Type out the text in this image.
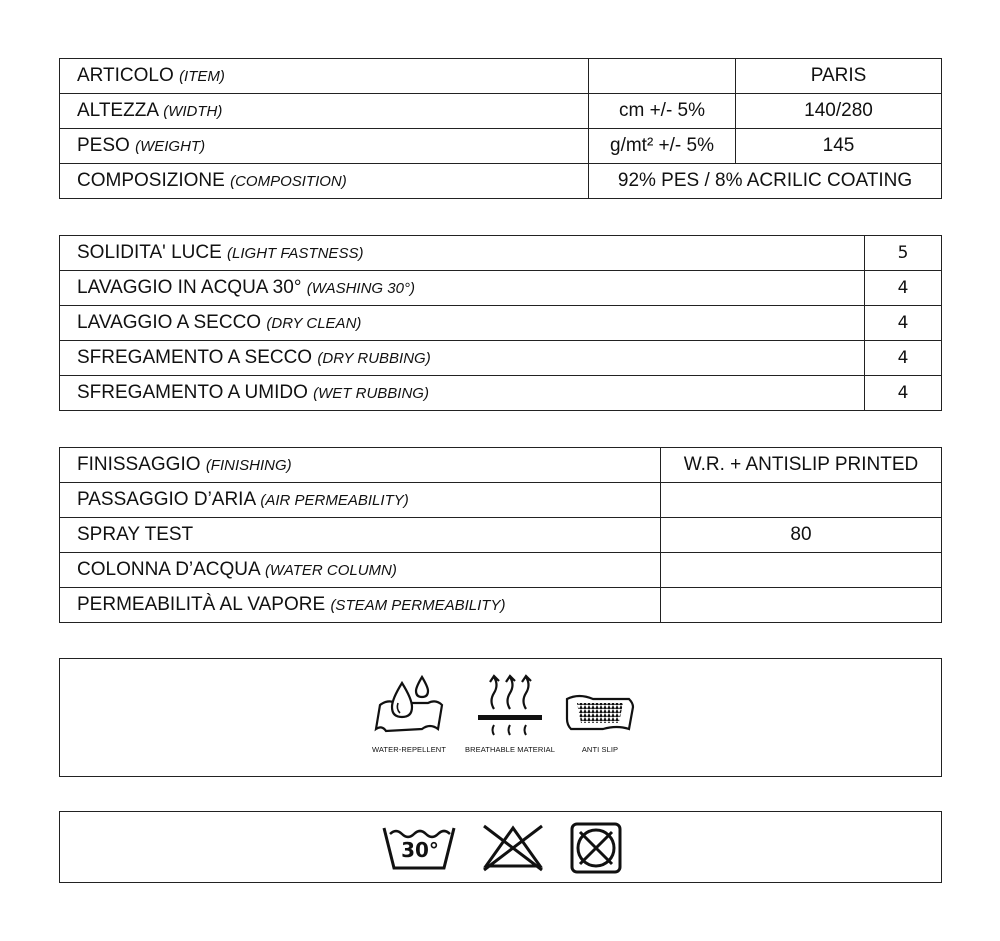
ARTICOLO (ITEM)		PARIS
ALTEZZA (WIDTH)	cm +/- 5%	140/280
PESO (WEIGHT)	g/mt² +/- 5%	145
COMPOSIZIONE (COMPOSITION)	92% PES / 8% ACRILIC COATING	
SOLIDITA' LUCE (LIGHT FASTNESS)	5
LAVAGGIO IN ACQUA 30° (WASHING 30°)	4
LAVAGGIO A SECCO (DRY CLEAN)	4
SFREGAMENTO A SECCO (DRY RUBBING)	4
SFREGAMENTO A UMIDO (WET RUBBING)	4
FINISSAGGIO (FINISHING)	W.R. + ANTISLIP PRINTED
PASSAGGIO D’ARIA (AIR PERMEABILITY)	
SPRAY TEST	80
COLONNA D’ACQUA (WATER COLUMN)	
PERMEABILITÀ AL VAPORE (STEAM PERMEABILITY)	
WATER-REPELLENT	BREATHABLE MATERIAL	ANTI SLIP
30°
